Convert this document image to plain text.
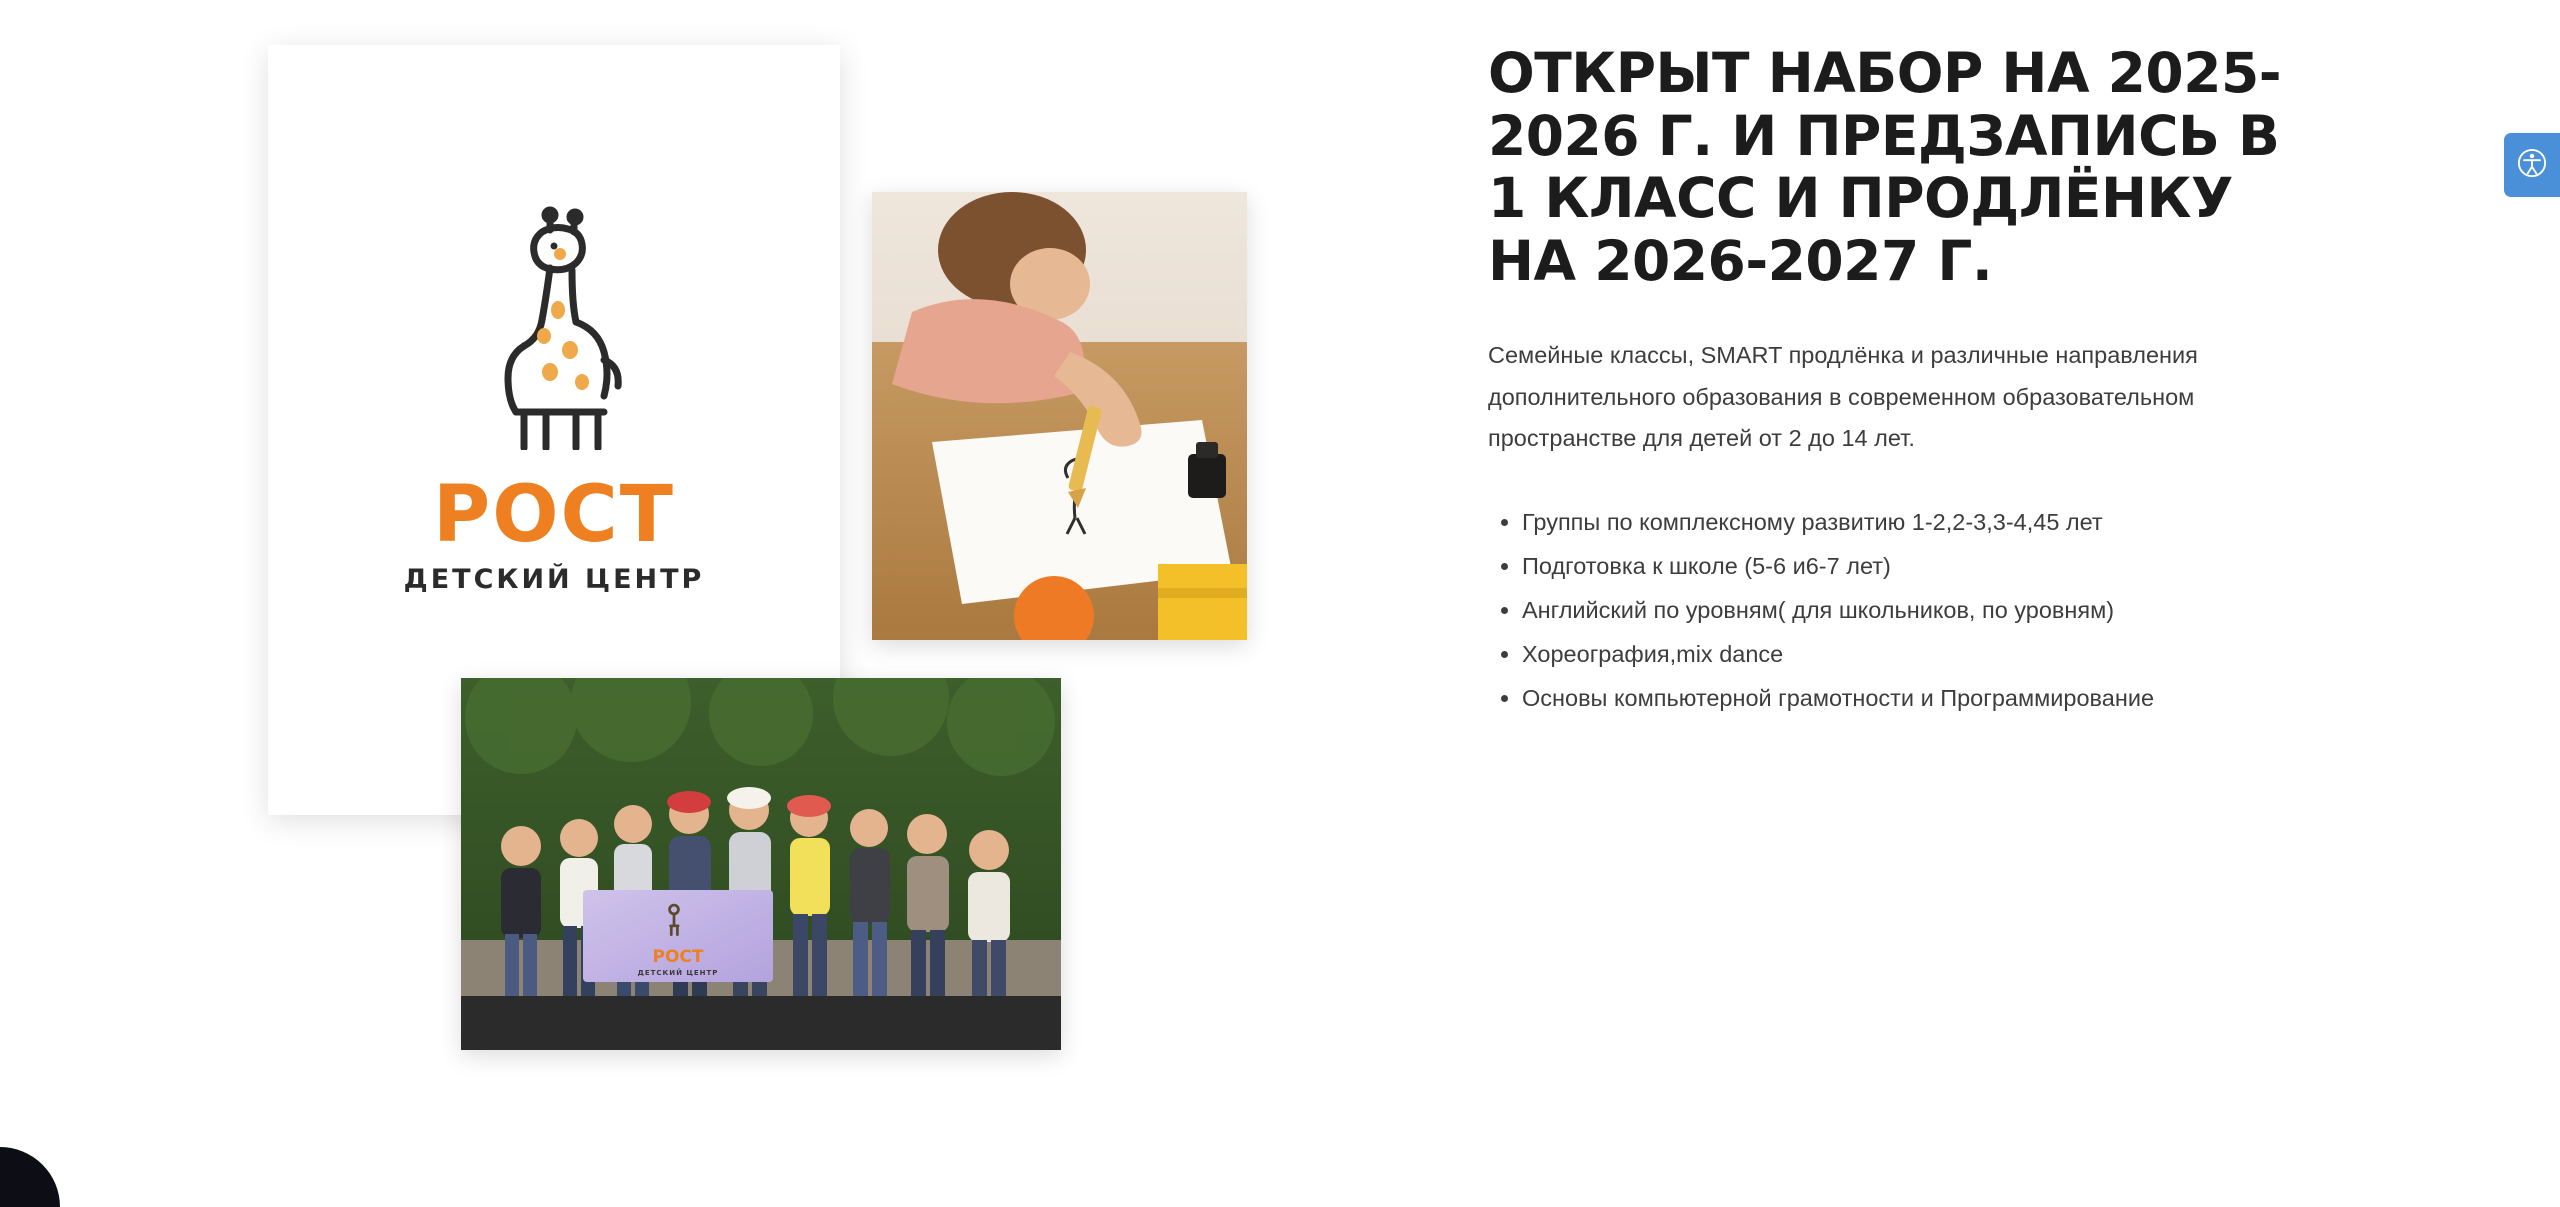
РОСТ
ДЕТСКИЙ ЦЕНТР
РОСТ
ДЕТСКИЙ ЦЕНТР
ОТКРЫТ НАБОР НА 2025-2026 Г. И ПРЕДЗАПИСЬ В 1 КЛАСС И ПРОДЛЁНКУ НА 2026-2027 Г.

Семейные классы, SMART продлёнка и различные направления дополнительного образования в современном образовательном пространстве для детей от 2 до 14 лет.

• Группы по комплексному развитию 1-2,2-3,3-4,45 лет
• Подготовка к школе (5-6 и6-7 лет)
• Английский по уровням( для школьников, по уровням)
• Хореография,mix dance
• Основы компьютерной грамотности и Программирование
